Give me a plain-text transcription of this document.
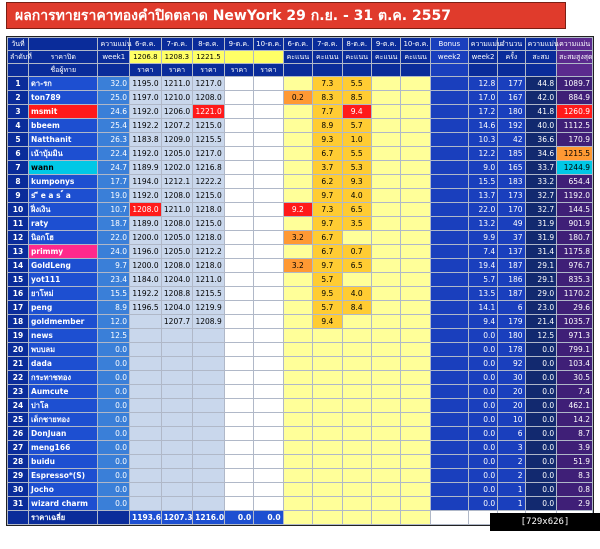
ผลการทายราคาทองคำปิดตลาด NewYork 29 ก.ย. - 31 ต.ค. 2557
วันที่		ความแม่น	6-ต.ค.	7-ต.ค.	8-ต.ค.	9-ต.ค.	10-ต.ค.	6-ต.ค.	7-ต.ค.	8-ต.ค.	9-ต.ค.	10-ต.ค.	Bonus	ความแม่น	จำนวน	ความแม่น	ความแม่น
ลำดับที่	ราคาปิด	week1	1206.8	1208.3	1221.5			คะแนน	คะแนน	คะแนน	คะแนน	คะแนน	week2	week2	ครั้ง	สะสม	สะสมสูงสุด
	ชื่อผู้ทาย		ราคา	ราคา	ราคา	ราคา	ราคา										
1	ดา-รก	32.0	1195.0	1211.0	1217.0				7.3	5.5				12.8	177	44.8	1089.7
2	ton789	25.0	1197.0	1210.0	1208.0			0.2	8.3	8.5				17.0	167	42.0	884.9
3	msmit	24.6	1192.0	1206.0	1221.0				7.7	9.4				17.2	180	41.8	1260.9
4	bbeem	25.4	1192.2	1207.2	1215.0				8.9	5.7				14.6	192	40.0	1112.5
5	Natthanit	26.3	1183.8	1209.0	1215.5				9.3	1.0				10.3	42	36.6	170.9
6	เน้าบุ้มมิน	22.4	1192.0	1205.0	1217.0				6.7	5.5				12.2	185	34.6	1215.5
7	wann	24.7	1189.9	1202.0	1216.8				3.7	5.3				9.0	165	33.7	1244.9
8	kumponys	17.7	1194.0	1212.1	1222.2				6.2	9.3				15.5	183	33.2	654.4
9	s ี e a s ์ a	19.0	1192.0	1208.0	1215.0				9.7	4.0				13.7	173	32.7	1192.0
10	ฝิ่งเงิน	10.7	1208.0	1211.0	1218.0			9.2	7.3	6.5				22.0	170	32.7	144.5
11	raty	18.7	1189.0	1208.0	1215.0				9.7	3.5				13.2	49	31.9	901.9
12	นิอกโฮ	22.0	1200.0	1205.0	1218.0			3.2	6.7					9.9	37	31.9	180.7
13	primmy	24.0	1196.0	1205.0	1212.2				6.7	0.7				7.4	137	31.4	1175.8
14	GoldLeng	9.7	1200.0	1208.0	1218.0			3.2	9.7	6.5				19.4	187	29.1	976.7
15	yot111	23.4	1184.0	1204.0	1211.0				5.7					5.7	186	29.1	835.3
16	ยาโหม่	15.5	1192.2	1208.8	1215.5				9.5	4.0				13.5	187	29.0	1170.2
17	peng	8.9	1196.5	1204.0	1219.9				5.7	8.4				14.1	6	23.0	29.6
18	goldmember	12.0		1207.7	1208.9				9.4					9.4	179	21.4	1035.7
19	news	12.5												0.0	180	12.5	971.3
20	พบบลม	0.0												0.0	178	0.0	799.1
21	dada	0.0												0.0	92	0.0	103.4
22	กระทาชทอง	0.0												0.0	30	0.0	30.5
23	Aumcute	0.0												0.0	20	0.0	7.4
24	ปาโล	0.0												0.0	20	0.0	462.1
25	เด็กชายทอง	0.0												0.0	10	0.0	14.2
26	DonJuan	0.0												0.0	6	0.0	8.7
27	meng166	0.0												0.0	3	0.0	3.9
28	buidu	0.0												0.0	2	0.0	51.9
29	Espresso*(S)	0.0												0.0	2	0.0	8.3
30	Jocho	0.0												0.0	1	0.0	0.8
31	wizard charm	0.0												0.0	1	0.0	2.9
	ราคาเฉลี่ย		1193.6	1207.3	1216.0	0.0	0.0											[729x626] http://upic.me/
